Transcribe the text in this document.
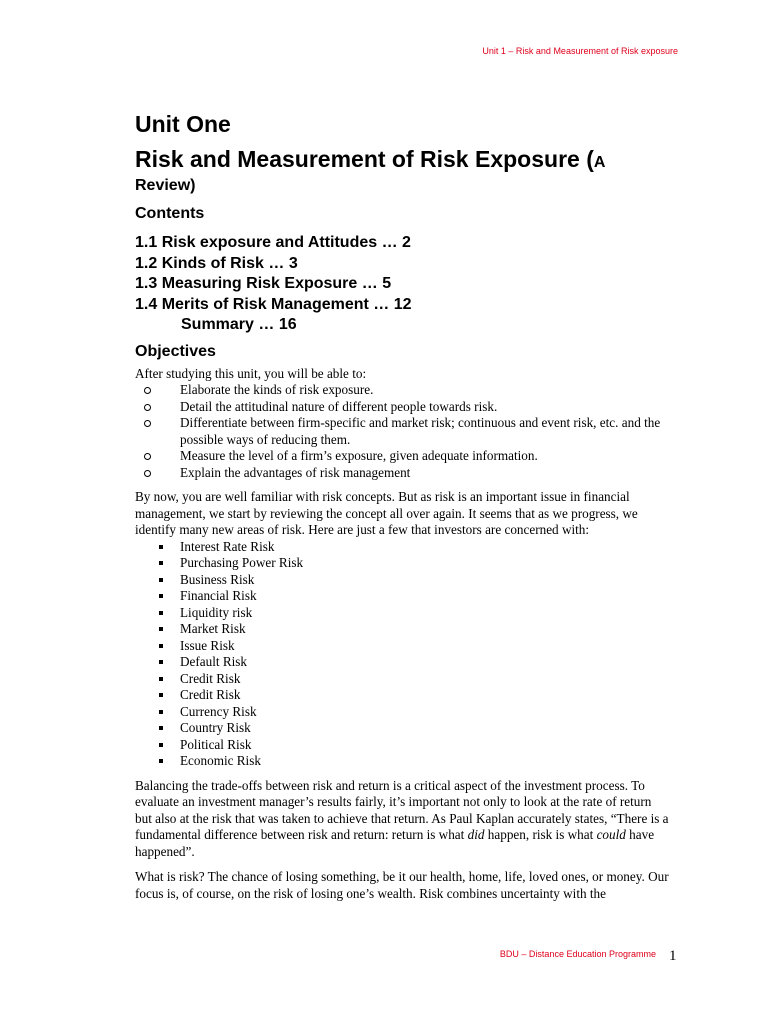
Unit 1 – Risk and Measurement of Risk exposure
Unit One
Risk and Measurement of Risk Exposure (A
Review)
Contents
1.1 Risk exposure and Attitudes … 2
1.2 Kinds of Risk … 3
1.3 Measuring Risk Exposure … 5
1.4 Merits of Risk Management … 12
Summary … 16
Objectives

After studying this unit, you will be able to:

Elaborate the kinds of risk exposure.
Detail the attitudinal nature of different people towards risk.
Differentiate between firm-specific and market risk; continuous and event risk, etc. and the possible ways of reducing them.
Measure the level of a firm’s exposure, given adequate information.
Explain the advantages of risk management

By now, you are well familiar with risk concepts. But as risk is an important issue in financial management, we start by reviewing the concept all over again. It seems that as we progress, we identify many new areas of risk. Here are just a few that investors are concerned with:

Interest Rate Risk
Purchasing Power Risk
Business Risk
Financial Risk
Liquidity risk
Market Risk
Issue Risk
Default Risk
Credit Risk
Credit Risk
Currency Risk
Country Risk
Political Risk
Economic Risk

Balancing the trade-offs between risk and return is a critical aspect of the investment process. To evaluate an investment manager’s results fairly, it’s important not only to look at the rate of return but also at the risk that was taken to achieve that return. As Paul Kaplan accurately states, “There is a fundamental difference between risk and return: return is what did happen, risk is what could have happened”.

What is risk? The chance of losing something, be it our health, home, life, loved ones, or money. Our focus is, of course, on the risk of losing one’s wealth. Risk combines uncertainty with the

BDU – Distance Education Programme 1
